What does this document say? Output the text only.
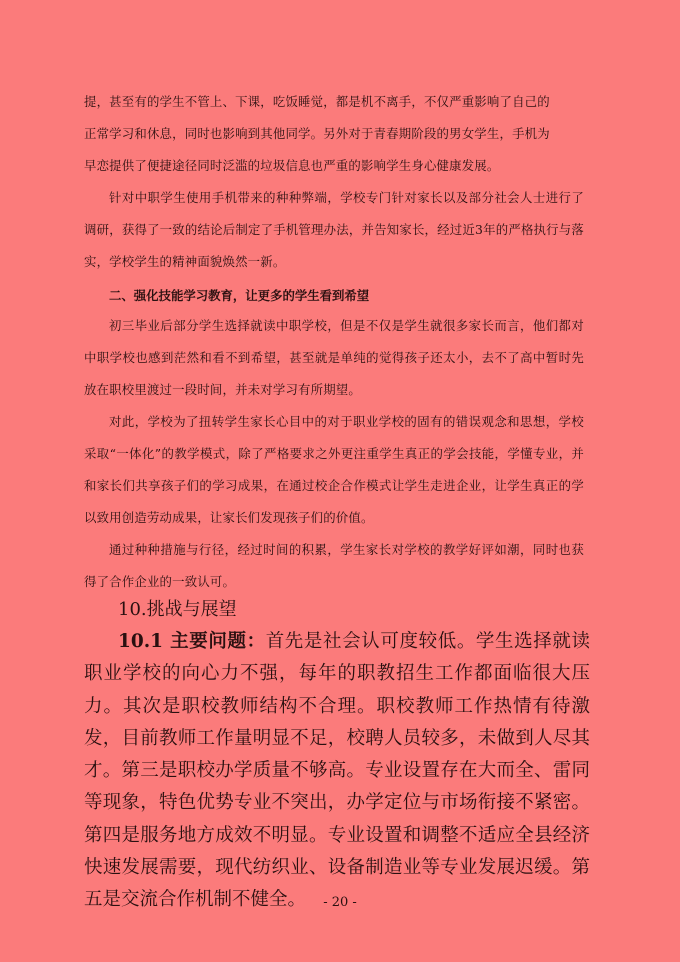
提，甚至有的学生不管上、下课，吃饭睡觉，都是机不离手，不仅严重影响了自己的

正常学习和休息，同时也影响到其他同学。另外对于青春期阶段的男女学生，手机为

早恋提供了便捷途径同时泛滥的垃圾信息也严重的影响学生身心健康发展。

针对中职学生使用手机带来的种种弊端，学校专门针对家长以及部分社会人士进行了调研，获得了一致的结论后制定了手机管理办法，并告知家长，经过近3年的严格执行与落实，学校学生的精神面貌焕然一新。

二、强化技能学习教育，让更多的学生看到希望

初三毕业后部分学生选择就读中职学校，但是不仅是学生就很多家长而言，他们都对中职学校也感到茫然和看不到希望，甚至就是单纯的觉得孩子还太小，去不了高中暂时先放在职校里渡过一段时间，并未对学习有所期望。

对此，学校为了扭转学生家长心目中的对于职业学校的固有的错误观念和思想，学校采取“一体化”的教学模式，除了严格要求之外更注重学生真正的学会技能，学懂专业，并和家长们共享孩子们的学习成果，在通过校企合作模式让学生走进企业，让学生真正的学以致用创造劳动成果，让家长们发现孩子们的价值。

通过种种措施与行径，经过时间的积累，学生家长对学校的教学好评如潮，同时也获得了合作企业的一致认可。

10.挑战与展望

10.1 主要问题：首先是社会认可度较低。学生选择就读职业学校的向心力不强，每年的职教招生工作都面临很大压力。其次是职校教师结构不合理。职校教师工作热情有待激发，目前教师工作量明显不足，校聘人员较多，未做到人尽其才。第三是职校办学质量不够高。专业设置存在大而全、雷同等现象，特色优势专业不突出，办学定位与市场衔接不紧密。第四是服务地方成效不明显。专业设置和调整不适应全县经济快速发展需要，现代纺织业、设备制造业等专业发展迟缓。第五是交流合作机制不健全。	- 20 -
